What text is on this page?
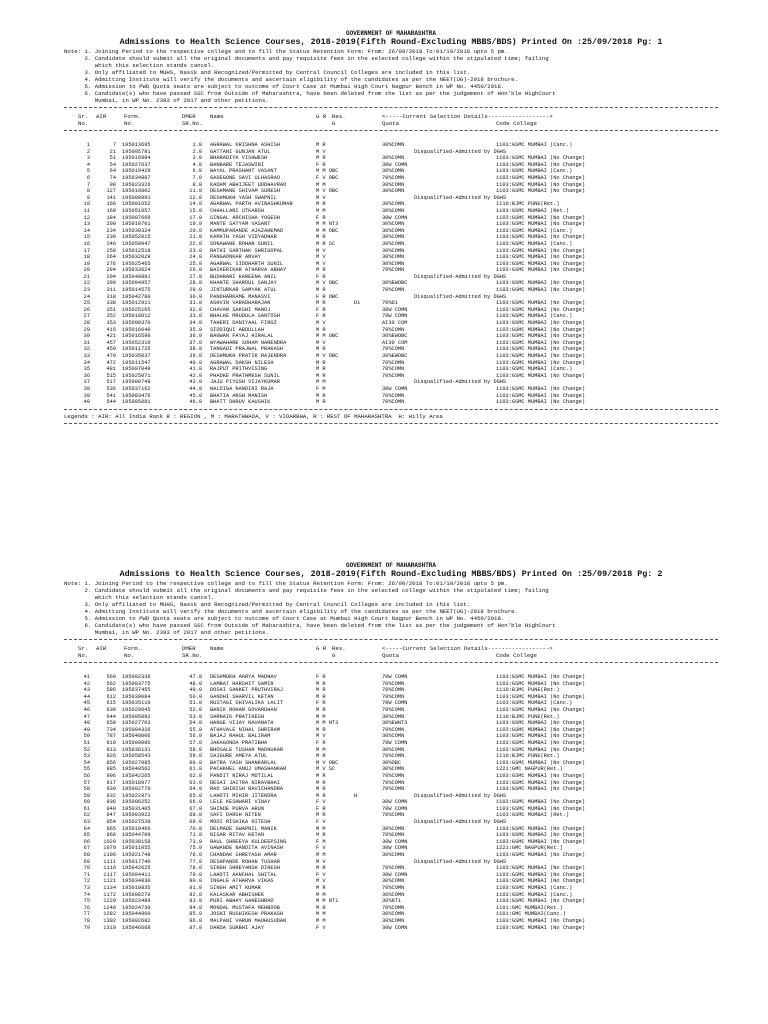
GOVERNMENT OF MAHARASHTRA
Admissions to Health Science Courses, 2018-2019(Fifth Round-Excluding MBBS/BDS) Printed On :25/09/2018 Pg: 1
Note: 1. Joining Period to the respective college and to fill the Status Retention Form: From: 26/09/2018 To:01/10/2018 upto 5 pm.
2. Candidate should submit all the original documents and pay requisite fees in the selected college within the stipulated time; failing
which this selection stands cancel.
3. Only affiliated to MUHS, Nasik and Recognized/Permitted by Central Council Colleges are included in this list.
4. Admitting Institute will verify the documents and ascertain eligibility of the candidates as per the NEET(UG)-2018 brochure.
5. Admission to PWD Quota seats are subject to outcome of Court Case at Mumbai High Court Nagpur Bench in WP No. 4450/2018.
6. Candidate(s) who have passed SSC from Outside of Maharashtra, have been deleted from the list as per the judgement of Hon'ble HighCourt
Mumbai, in WP No. 2393 of 2017 and other petitions.
Sr.
No.
AIR	Form.
No.
DMER
SR.No.
Name	G R	Res.
G
<-----Current Selection Details------------------>
Quota	Code College
1	7 195013695	1.0 AGRAWAL KRISHNA ASHISH	M R	30%COMN	1103:GSMC MUMBAI (Canc.)
2	21 195005781	2.0 GATTANI GUNJAN ATUL	M V	Disqualified-Admitted by DGHS
3	51 195016984	3.0 BHARADIYA VISHWESH	M R	30%COMN	1103:GSMC MUMBAI (No Change)
4	54 195027637	4.0 BANBARE TEJASWINI	F R	30W COMN	1103:GSMC MUMBAI (No Change)
5	64 195019429	6.0 WAYAL PRASHANT VASANT	M M OBC	30%COMN	1103:GSMC MUMBAI (Canc.)
6	74 195034887	7.0 GADEGONE SAVI ULHASRAO	F V OBC	70%COMN	1103:GSMC MUMBAI (No Change)
7	98 195023326	8.0 KADAM ABHIJEET UDDHAVRAO	M M	30%COMN	1103:GSMC MUMBAI (No Change)
8	127 195019802	11.0 DESHMANE SHIVAM SURESH	M V OBC	30%COMN	1103:GSMC MUMBAI (No Change)
9	141 195000991	12.0 DESHMUKH YASH SWAPNIL	M V	Disqualified-Admitted by DGHS
10	166 195001652	14.0 AGARWAL PARTH AVINASHKUMAR	M R	30%COMN	1110:BJMC PUNE(Ret.)
11	169 195051057	15.0 CHHALLANI UTKARSH	M M	30%COMN	1103:GSMC MUMBAI (Ret.)
12	184 195007666	17.0 SINGAL ARCHISHA YOGESH	F R	30W COMN	1103:GSMC MUMBAI (No Change)
13	200 195010701	19.0 MANTE SATYAM VASANT	M M NT3	30%COMN	1103:GSMC MUMBAI (No Change)
14	234 195030324	20.0 KAMMUPARANDE AJAZAHEMAD	M M OBC	30%COMN	1103:GSMC MUMBAI (Canc.)
15	239 195052015	21.0 KAMATH YASH VIDYADHAR	M R	30%COMN	1103:GSMC MUMBAI (No Change)
16	246 195050947	22.0 SONAWANE ROHAN SUNIL	M R SC	30%COMN	1103:GSMC MUMBAI (Canc.)
17	259 195012518	23.0 RATHI SARTHAK SHRIGOPAL	M V	30%COMN	1103:GSMC MUMBAI (No Change)
18	264 195032029	24.0 PANGAONKAR ANVAY	M V	30%COMN	1103:GSMC MUMBAI (No Change)
19	276 195025465	25.0 AGARWAL SIDDHARTH SUNIL	M V	30%COMN	1103:GSMC MUMBAI (No Change)
20	284 195033624	26.0 BAIKERIKAR ATHARVA ABHAY	M R	70%COMN	1103:GSMC MUMBAI (No Change)
21	294 195048881	27.0 BUDHRANI KAREENA ANIL	F R	Disqualified-Admitted by DGHS
22	299 195004957	28.0 KHANTE SHARDUL SANJAY	M V OBC	30%EWOBC	1103:GSMC MUMBAI (No Change)
23	311 195014575	29.0 JINTURKAR SAMYAK ATUL	M R	70%COMN	1103:GSMC MUMBAI (No Change)
24	318 195042780	30.0 PANDHARKAME MANASVI	F R OBC	Disqualified-Admitted by DGHS
25	338 195012911	31.0 ASHVIN VARADHARAJAN	M R	D1	70%D1	1103:GSMC MUMBAI (No Change)
26	351 195025165	32.0 CHAVAN SAKSHI MANOJ	F R	30W COMN	1103:GSMC MUMBAI (No Change)
27	352 195018012	33.0 BHALKE MRUDULA SANTOSH	F R	70W COMN	1103:GSMC MUMBAI (Canc.)
28	353 195000370	34.0 TAHERI DANIYAAL FIROZ	M V	AI30 COM	1103:GSMC MUMBAI (No Change)
29	415 195016640	35.0 SIDDIQUI ABDULLAH	M R	70%COMN	1103:GSMC MUMBAI (No Change)
30	421 195016598	36.0 BAGWAN FAYAJ HIRALAL	M M OBC	30%EWOBC	1103:GSMC MUMBAI (No Change)
31	457 195052319	37.0 WYAWAHARE SOHAM NARENDRA	M V	AI30 COM	1103:GSMC MUMBAI (No Change)
32	459 195011726	38.0 TANGADI PRAJWAL PRAKASH	M R	70%COMN	1103:GSMC MUMBAI (No Change)
33	470 195035037	39.0 DESHMUKH PRATIK RAJENDRA	M V OBC	30%EWOBC	1103:GSMC MUMBAI (No Change)
34	472 195011547	40.0 AGRAWAL DAKSH NILESH	M R	70%COMN	1103:GSMC MUMBAI (No Change)
35	481 195007049	41.0 RAJPUT PRITHVISING	M R	70%COMN	1103:GSMC MUMBAI (Canc.)
36	515 195025071	42.0 PHADKE PRATHMESH SUNIL	M R	70%COMN	1103:GSMC MUMBAI (No Change)
37	517 195000749	43.0 JAJU PIYUSH VIJAYKUMAR	M M	Disqualified-Admitted by DGHS
38	536 195037162	44.0 NALDIGA NANDINI RAJA	F M	30W COMN	1103:GSMC MUMBAI (No Change)
39	541 195003476	45.0 BHATIA ANSH MANISH	M R	70%COMN	1103:GSMC MUMBAI (No Change)
40	544 195005081	46.0 BHATT DHRUV KAUSHIK	M R	70%COMN	1103:GSMC MUMBAI (No Change)
Legends : AIR: All India Rank R : REGION , M : MARATHWADA, V : VIDARBHA, R : REST OF MAHARASHTRA  H: Hilly Area
GOVERNMENT OF MAHARASHTRA
Admissions to Health Science Courses, 2018-2019(Fifth Round-Excluding MBBS/BDS) Printed On :25/09/2018 Pg: 2
Note: 1. Joining Period to the respective college and to fill the Status Retention Form: From: 26/09/2018 To:01/10/2018 upto 5 pm.
2. Candidate should submit all the original documents and pay requisite fees in the selected college within the stipulated time; failing
which this selection stands cancel.
3. Only affiliated to MUHS, Nasik and Recognized/Permitted by Central Council Colleges are included in this list.
4. Admitting Institute will verify the documents and ascertain eligibility of the candidates as per the NEET(UG)-2018 brochure.
5. Admission to PWD Quota seats are subject to outcome of Court Case at Mumbai High Court Nagpur Bench in WP No. 4450/2018.
6. Candidate(s) who have passed SSC from Outside of Maharashtra, have been deleted from the list as per the judgement of Hon'ble HighCourt
Mumbai, in WP No. 2393 of 2017 and other petitions.
Sr.
No.
AIR	Form.
No.
DMER
SR.No.
Name	G R	Res.
G
<-----Current Selection Details------------------>
Quota	Code College
41	560 195002336	47.0 DESHMUKH AARYA MADHAV	F R	70W COMN	1103:GSMC MUMBAI (No Change)
42	562 195003775	48.0 LAMBAT HARSHIT SAMIR	M R	70%COMN	1103:GSMC MUMBAI (No Change)
43	586 195037455	49.0 DOSHI SANKET PRUTHVIRAJ	M R	70%COMN	1110:BJMC PUNE(Ret.)
44	612 195039084	50.0 GANDHI SHARVIL KETAN	M R	70%COMN	1103:GSMC MUMBAI (No Change)
45	615 195035110	51.0 RUSTAGI SHIVALIKA LALIT	F R	70W COMN	1103:GSMC MUMBAI (Canc.)
46	638 195029645	52.0 BARIK ROHAN GOVARDHAN	M R	70%COMN	1103:GSMC MUMBAI (No Change)
47	644 195005092	53.0 SARNAIK PRATIKESH	M M	30%COMN	1110:BJMC PUNE(Ret.)
48	659 195027703	54.0 HANGE VIJAY NAVANATH	M M NT3	30%EWNT3	1103:GSMC MUMBAI (No Change)
49	734 195004326	55.0 ATHAVALE NIHAL SHRIRAM	M R	70%COMN	1103:GSMC MUMBAI (No Change)
50	787 195048006	56.0 BAJAJ RAHUL BALIRAM	M V	30%COMN	1103:GSMC MUMBAI (No Change)
51	810 195009086	57.0 JAKAGONDA PRATIBHA	F R	70W COMN	1103:GSMC MUMBAI (No Change)
52	813 195036131	58.0 BHOSALE TUSHAR MADHUKAR	M M	30%COMN	1103:GSMC MUMBAI (No Change)
53	826 195058543	59.0 SAJGURE AMEYA ATUL	M R	70%COMN	1110:BJMC PUNE(Ret.)
54	856 195027085	60.0 BATRA YASH SHANKARLAL	M V OBC	30%OBC	1103:GSMC MUMBAI (No Change)
55	885 195049562	61.0 PACHKHEL ANUJ UMASHANKAR	M V SC	30%COMN	1221:GMC NAGPUR(Ret.)
56	906 195042265	62.0 PANDIT NIRAJ MOTILAL	M R	70%COMN	1103:GSMC MUMBAI (No Change)
57	917 195018977	63.0 DESAI JAITRA NIRAVBHAI	M R	70%COMN	1103:GSMC MUMBAI (No Change)
58	930 195002770	64.0 RAO SHIRISH RAVICHANDRA	M R	70%COMN	1103:GSMC MUMBAI (No Change)
59	932 195022971	65.0 LAHOTI MIHIR JITENDRA	M R	H	Disqualified-Admitted by DGHS
60	936 195006252	66.0 LELE KESHWARI VINAY	F V	30W COMN	1103:GSMC MUMBAI (No Change)
61	940 195031405	67.0 SHINDE PURVA ARUN	F R	70W COMN	1103:GSMC MUMBAI (No Change)
62	947 195003922	68.0 SAFI DARSH NITEN	M R	70%COMN	1103:GSMC MUMBAI (Ret.)
63	954 195027539	69.0 MODI RISHIKA RITESH	F V	Disqualified-Admitted by DGHS
64	965 195019466	70.0 DELMADE SWAPNIL MANIK	M M	30%COMN	1103:GSMC MUMBAI (No Change)
65	968 195044709	71.0 NISAR RITAV KETAN	M R	70%COMN	1103:GSMC MUMBAI (No Change)
66	1020 195039158	73.0 RAUL SHREEYA KULDEEPSING	F M	30W COMN	1103:GSMC MUMBAI (No Change)
67	1070 195011055	75.0 GAWANDE NANDITA AVINASH	F V	30W COMN	1221:GMC NAGPUR(Ret.)
68	1106 195021748	76.0 CHANDAK SHREYASH AMAR	M M	30%COMN	1103:GSMC MUMBAI (No Change)
69	1111 195017740	77.0 DESHPANDE ROHAN TUSHAR	M V	Disqualified-Admitted by DGHS
70	1116 195042625	78.0 SINGH SHREYANSH DINESH	M R	70%COMN	1103:GSMC MUMBAI (No Change)
71	1117 195004411	79.0 LAHOTI AANCHAL SHITAL	F V	30W COMN	1103:GSMC MUMBAI (No Change)
72	1121 195034830	80.0 INGALE ATHARVA VIKAS	M V	30%COMN	1103:GSMC MUMBAI (No Change)
73	1134 195010835	81.0 SINGH AMIT KUMAR	M R	70%COMN	1103:GSMC MUMBAI (Canc.)
74	1172 195008270	82.0 KALASKAR ABHISHEK	M M	30%COMN	1103:GSMC MUMBAI (Canc.)
75	1229 195023489	83.0 PURI ABHAY GANESHRAO	M M NT1	30%NT1	1103:GSMC MUMBAI (No Change)
76	1248 195024730	84.0 MONDAL MUSTAFA MEHBOOB	M R	70%COMN	1101:GMC MUMBAI(Ret.)
77	1282 195044900	85.0 JOSHI RUSHIKESH PRAKASH	M M	30%COMN	1101:GMC MUMBAI(Canc.)
78	1302 195002682	86.0 MALPANI VARUN MADHUSUDAN	M M	30%COMN	1103:GSMC MUMBAI (No Change)
79	1310 195046668	87.0 DARDA SURBHI AJAY	F V	30W COMN	1103:GSMC MUMBAI (No Change)
